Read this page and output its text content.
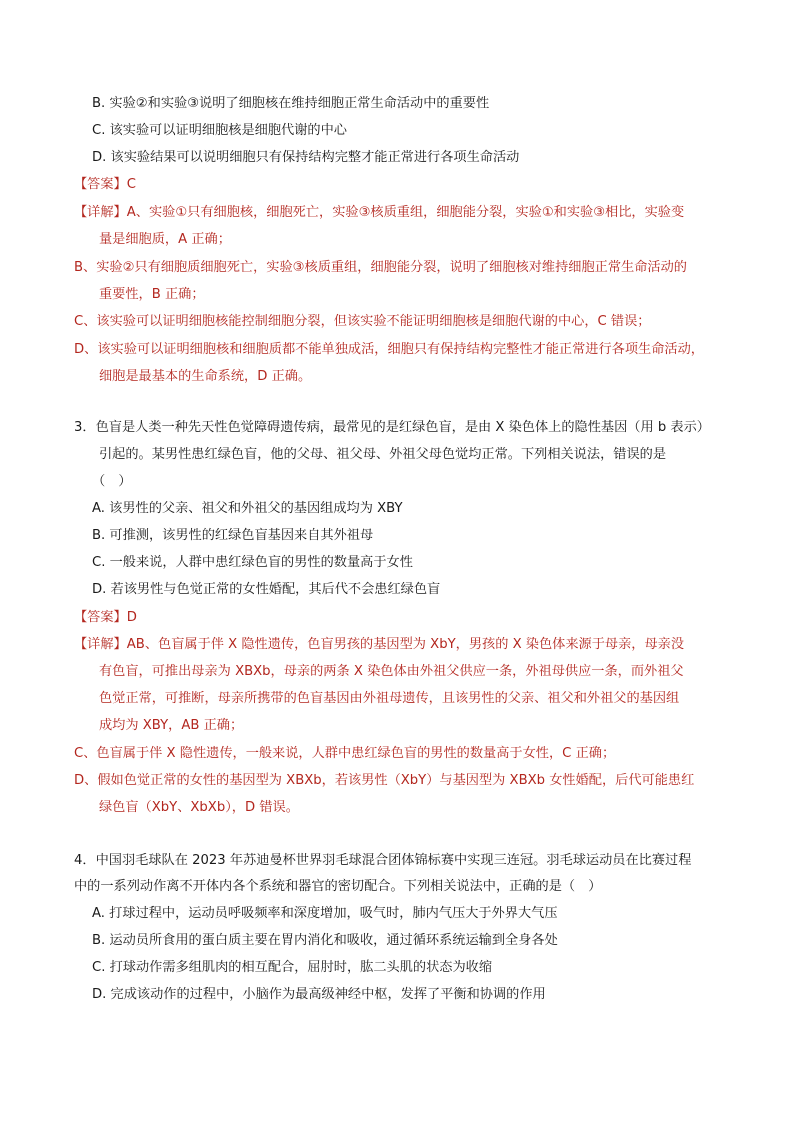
B. 实验②和实验③说明了细胞核在维持细胞正常生命活动中的重要性
C. 该实验可以证明细胞核是细胞代谢的中心
D. 该实验结果可以说明细胞只有保持结构完整才能正常进行各项生命活动
【答案】C
【详解】A、实验①只有细胞核，细胞死亡，实验③核质重组，细胞能分裂，实验①和实验③相比，实验变
量是细胞质，A 正确；
B、实验②只有细胞质细胞死亡，实验③核质重组，细胞能分裂，说明了细胞核对维持细胞正常生命活动的
重要性，B 正确；
C、该实验可以证明细胞核能控制细胞分裂，但该实验不能证明细胞核是细胞代谢的中心，C 错误；
D、该实验可以证明细胞核和细胞质都不能单独成活，细胞只有保持结构完整性才能正常进行各项生命活动，
细胞是最基本的生命系统，D 正确。
3．色盲是人类一种先天性色觉障碍遗传病，最常见的是红绿色盲，是由 X 染色体上的隐性基因（用 b 表示）
引起的。某男性患红绿色盲，他的父母、祖父母、外祖父母色觉均正常。下列相关说法，错误的是
（　）
A. 该男性的父亲、祖父和外祖父的基因组成均为 XBY
B. 可推测，该男性的红绿色盲基因来自其外祖母
C. 一般来说，人群中患红绿色盲的男性的数量高于女性
D. 若该男性与色觉正常的女性婚配，其后代不会患红绿色盲
【答案】D
【详解】AB、色盲属于伴 X 隐性遗传，色盲男孩的基因型为 XbY，男孩的 X 染色体来源于母亲，母亲没
有色盲，可推出母亲为 XBXb，母亲的两条 X 染色体由外祖父供应一条，外祖母供应一条，而外祖父
色觉正常，可推断，母亲所携带的色盲基因由外祖母遗传，且该男性的父亲、祖父和外祖父的基因组
成均为 XBY，AB 正确；
C、色盲属于伴 X 隐性遗传，一般来说，人群中患红绿色盲的男性的数量高于女性，C 正确；
D、假如色觉正常的女性的基因型为 XBXb，若该男性（XbY）与基因型为 XBXb 女性婚配，后代可能患红
绿色盲（XbY、XbXb），D 错误。
4．中国羽毛球队在 2023 年苏迪曼杯世界羽毛球混合团体锦标赛中实现三连冠。羽毛球运动员在比赛过程
中的一系列动作离不开体内各个系统和器官的密切配合。下列相关说法中，正确的是（　）
A. 打球过程中，运动员呼吸频率和深度增加，吸气时，肺内气压大于外界大气压
B. 运动员所食用的蛋白质主要在胃内消化和吸收，通过循环系统运输到全身各处
C. 打球动作需多组肌肉的相互配合，屈肘时，肱二头肌的状态为收缩
D. 完成该动作的过程中，小脑作为最高级神经中枢，发挥了平衡和协调的作用
